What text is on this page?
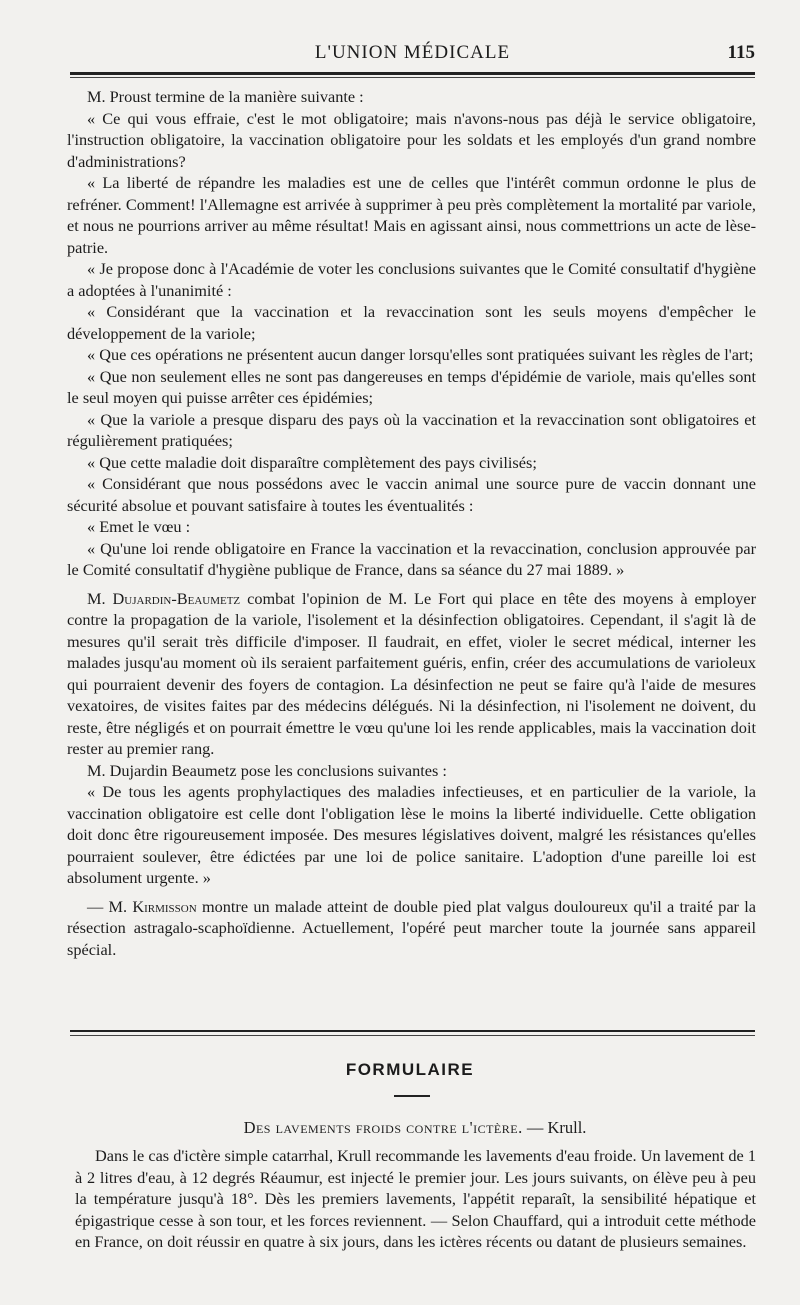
L'UNION MÉDICALE	115

M. Proust termine de la manière suivante :

« Ce qui vous effraie, c'est le mot obligatoire; mais n'avons-nous pas déjà le service obligatoire, l'instruction obligatoire, la vaccination obligatoire pour les soldats et les employés d'un grand nombre d'administrations?

« La liberté de répandre les maladies est une de celles que l'intérêt commun ordonne le plus de refréner. Comment! l'Allemagne est arrivée à supprimer à peu près complètement la mortalité par variole, et nous ne pourrions arriver au même résultat! Mais en agissant ainsi, nous commettrions un acte de lèse-patrie.

« Je propose donc à l'Académie de voter les conclusions suivantes que le Comité consultatif d'hygiène a adoptées à l'unanimité :

« Considérant que la vaccination et la revaccination sont les seuls moyens d'empêcher le développement de la variole;

« Que ces opérations ne présentent aucun danger lorsqu'elles sont pratiquées suivant les règles de l'art;

« Que non seulement elles ne sont pas dangereuses en temps d'épidémie de variole, mais qu'elles sont le seul moyen qui puisse arrêter ces épidémies;

« Que la variole a presque disparu des pays où la vaccination et la revaccination sont obligatoires et régulièrement pratiquées;

« Que cette maladie doit disparaître complètement des pays civilisés;

« Considérant que nous possédons avec le vaccin animal une source pure de vaccin donnant une sécurité absolue et pouvant satisfaire à toutes les éventualités :

« Emet le vœu :

« Qu'une loi rende obligatoire en France la vaccination et la revaccination, conclusion approuvée par le Comité consultatif d'hygiène publique de France, dans sa séance du 27 mai 1889. »

M. Dujardin-Beaumetz combat l'opinion de M. Le Fort qui place en tête des moyens à employer contre la propagation de la variole, l'isolement et la désinfection obligatoires. Cependant, il s'agit là de mesures qu'il serait très difficile d'imposer. Il faudrait, en effet, violer le secret médical, interner les malades jusqu'au moment où ils seraient parfaitement guéris, enfin, créer des accumulations de varioleux qui pourraient devenir des foyers de contagion. La désinfection ne peut se faire qu'à l'aide de mesures vexatoires, de visites faites par des médecins délégués. Ni la désinfection, ni l'isolement ne doivent, du reste, être négligés et on pourrait émettre le vœu qu'une loi les rende applicables, mais la vaccination doit rester au premier rang.

M. Dujardin Beaumetz pose les conclusions suivantes :

« De tous les agents prophylactiques des maladies infectieuses, et en particulier de la variole, la vaccination obligatoire est celle dont l'obligation lèse le moins la liberté individuelle. Cette obligation doit donc être rigoureusement imposée. Des mesures législatives doivent, malgré les résistances qu'elles pourraient soulever, être édictées par une loi de police sanitaire. L'adoption d'une pareille loi est absolument urgente. »

— M. Kirmisson montre un malade atteint de double pied plat valgus douloureux qu'il a traité par la résection astragalo-scaphoïdienne. Actuellement, l'opéré peut marcher toute la journée sans appareil spécial.

FORMULAIRE
Des lavements froids contre l'ictère. — Krull.

Dans le cas d'ictère simple catarrhal, Krull recommande les lavements d'eau froide. Un lavement de 1 à 2 litres d'eau, à 12 degrés Réaumur, est injecté le premier jour. Les jours suivants, on élève peu à peu la température jusqu'à 18°. Dès les premiers lavements, l'appétit reparaît, la sensibilité hépatique et épigastrique cesse à son tour, et les forces reviennent. — Selon Chauffard, qui a introduit cette méthode en France, on doit réussir en quatre à six jours, dans les ictères récents ou datant de plusieurs semaines.
